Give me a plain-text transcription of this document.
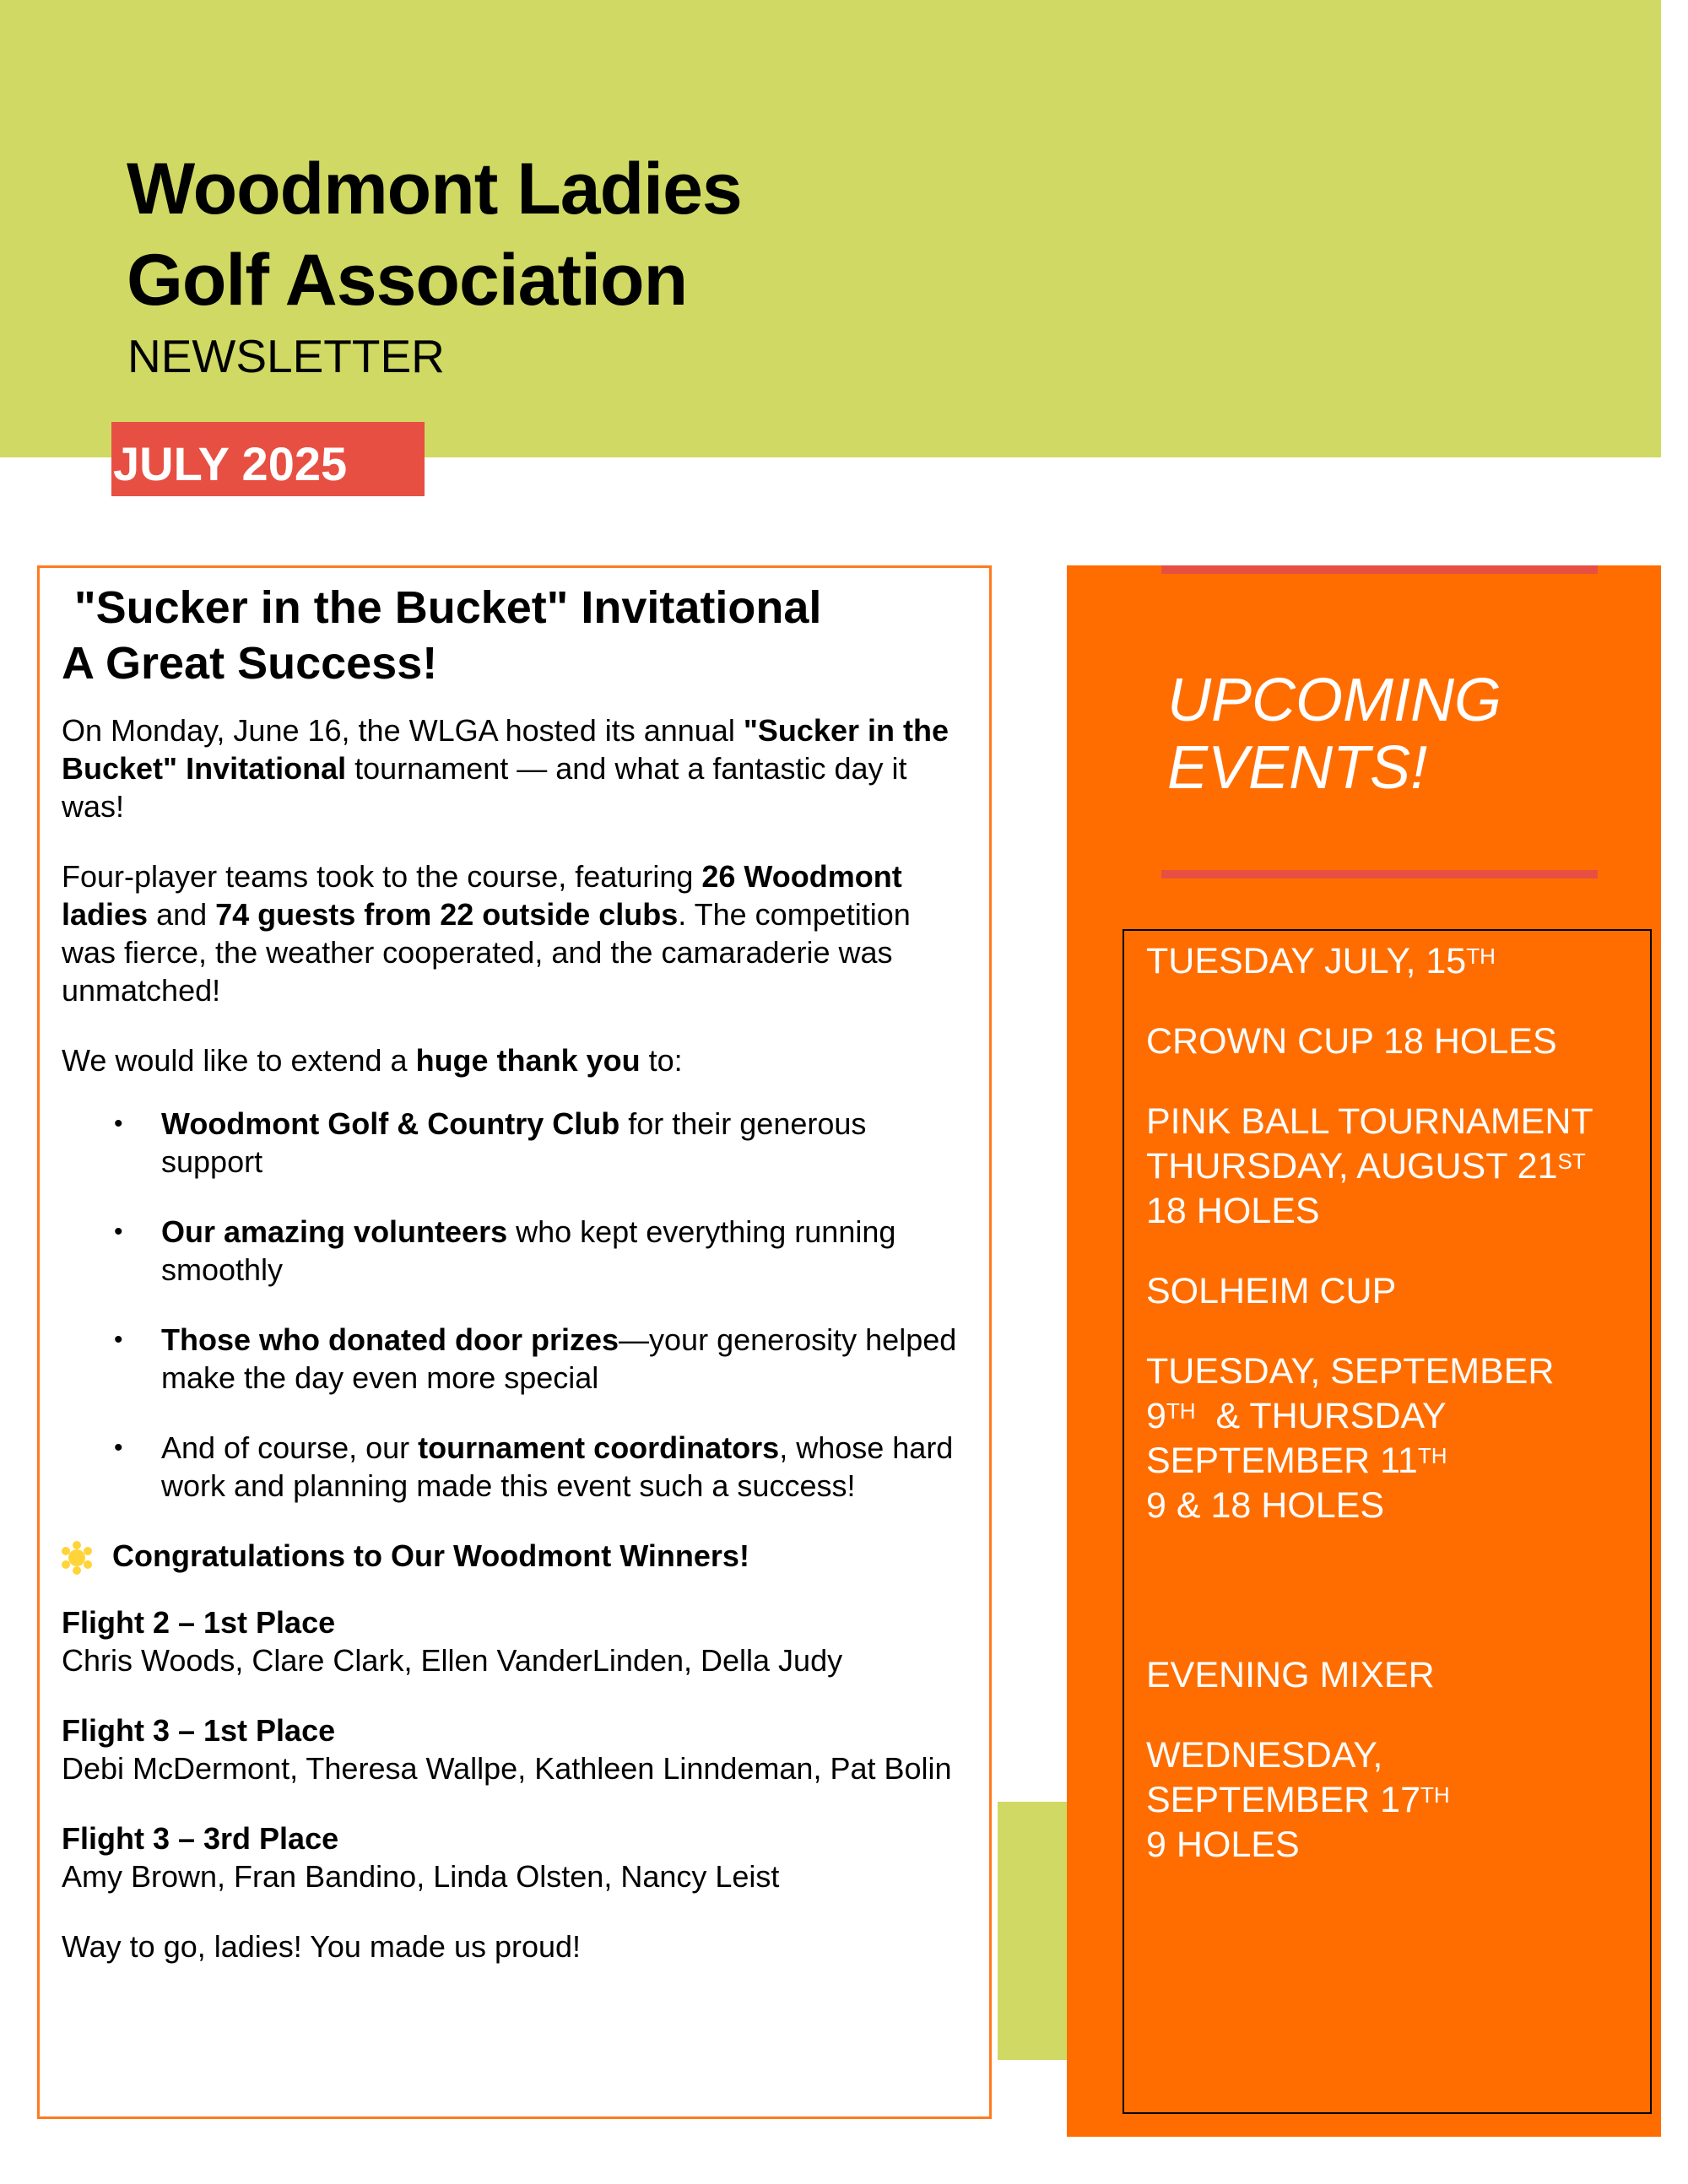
Woodmont Ladies
Golf Association
NEWSLETTER
JULY 2025
"Sucker in the Bucket" Invitational
A Great Success!

On Monday, June 16, the WLGA hosted its annual "Sucker in the Bucket" Invitational tournament — and what a fantastic day it was!

Four-player teams took to the course, featuring 26 Woodmont ladies and 74 guests from 22 outside clubs. The competition was fierce, the weather cooperated, and the camaraderie was unmatched!

We would like to extend a huge thank you to:

• Woodmont Golf & Country Club for their generous support
• Our amazing volunteers who kept everything running smoothly
• Those who donated door prizes—your generosity helped make the day even more special
• And of course, our tournament coordinators, whose hard work and planning made this event such a success!
Congratulations to Our Woodmont Winners!

Flight 2 – 1st Place

Chris Woods, Clare Clark, Ellen VanderLinden, Della Judy

Flight 3 – 1st Place

Debi McDermont, Theresa Wallpe, Kathleen Linndeman, Pat Bolin

Flight 3 – 3rd Place

Amy Brown, Fran Bandino, Linda Olsten, Nancy Leist

Way to go, ladies! You made us proud!

UPCOMING
EVENTS!
TUESDAY JULY, 15TH
CROWN CUP 18 HOLES
PINK BALL TOURNAMENT
THURSDAY, AUGUST 21ST
18 HOLES
SOLHEIM CUP
TUESDAY, SEPTEMBER
9TH  & THURSDAY
SEPTEMBER 11TH
9 & 18 HOLES
EVENING MIXER
WEDNESDAY,
SEPTEMBER 17TH
9 HOLES
